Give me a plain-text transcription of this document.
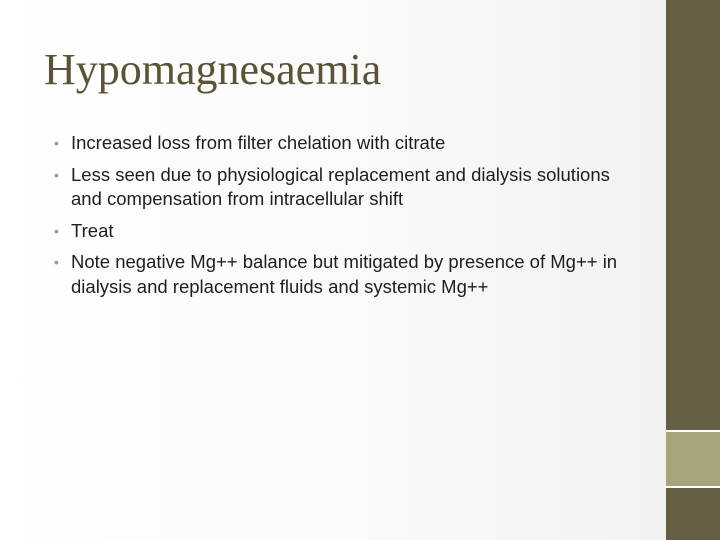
Hypomagnesaemia
• Increased loss from filter chelation with citrate
• Less seen due to physiological replacement and dialysis solutions and compensation from intracellular shift
• Treat
• Note negative Mg++ balance but mitigated by presence of Mg++ in dialysis and replacement fluids and systemic Mg++
